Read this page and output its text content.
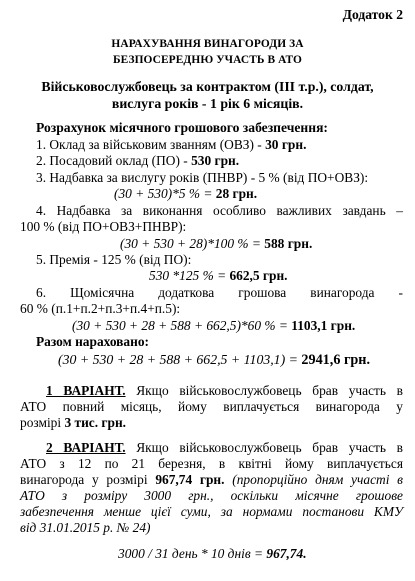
Додаток 2
НАРАХУВАННЯ ВИНАГОРОДИ ЗА
БЕЗПОСЕРЕДНЮ УЧАСТЬ В АТО
Військовослужбовець за контрактом (ІІІ т.р.), солдат,
вислуга років - 1 рік 6 місяців.
Розрахунок місячного грошового забезпечення:
1. Оклад за військовим званням (ОВЗ) - 30 грн.
2. Посадовий оклад (ПО) - 530 грн.
3. Надбавка за вислугу років (ПНВР) - 5 % (від ПО+ОВЗ):
(30 + 530)*5 % = 28 грн.
4. Надбавка за виконання особливо важливих завдань –
100 % (від ПО+ОВЗ+ПНВР):
(30 + 530 + 28)*100 % = 588 грн.
5. Премія - 125 % (від ПО):
530 *125 % = 662,5 грн.
6. Щомісячна додаткова грошова винагорода -
60 % (п.1+п.2+п.3+п.4+п.5):
(30 + 530 + 28 + 588 + 662,5)*60 % = 1103,1 грн.
Разом нараховано:
(30 + 530 + 28 + 588 + 662,5 + 1103,1) = 2941,6 грн.
1 ВАРІАНТ. Якщо військовослужбовець брав участь в
АТО повний місяць, йому виплачується винагорода у
розмірі 3 тис. грн.
2 ВАРІАНТ. Якщо військовослужбовець брав участь в
АТО з 12 по 21 березня, в квітні йому виплачується
винагорода у розмірі 967,74 грн. (пропорційно дням участі в
АТО з розміру 3000 грн., оскільки місячне грошове
забезпечення менше цієї суми, за нормами постанови КМУ
від 31.01.2015 р. № 24)
3000 / 31 день * 10 днів = 967,74.
